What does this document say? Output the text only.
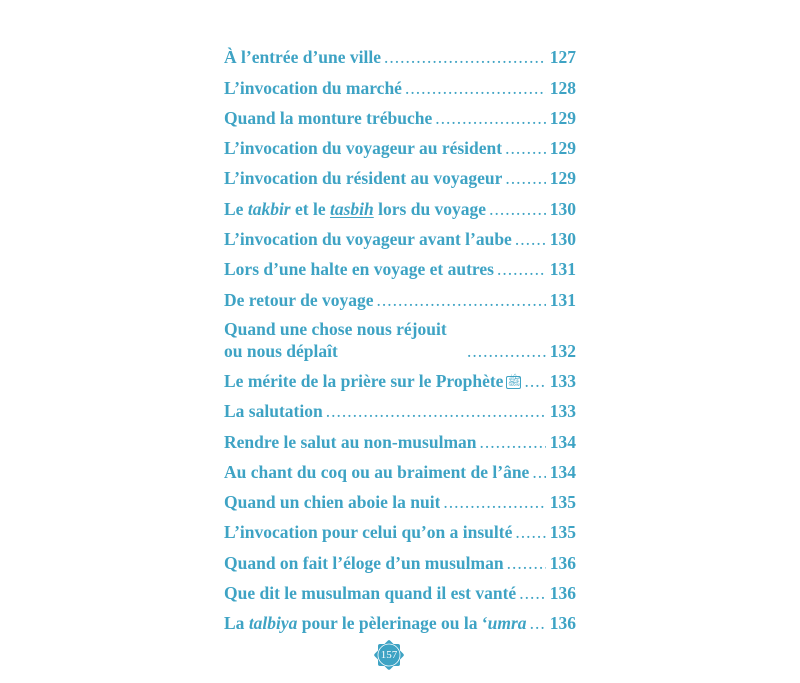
À l’entrée d’une ville .....	127
L’invocation du marché .....	128
Quand la monture trébuche .....	129
L’invocation du voyageur au résident .....	129
L’invocation du résident au voyageur .....	129
Le takbir et le tasbih lors du voyage .....	130
L’invocation du voyageur avant l’aube ..... 130
Lors d’une halte en voyage et autres .....	131
De retour de voyage .....	131
Quand une chose nous réjouit ou nous déplaît .....	132
Le mérite de la prière sur le Prophète ﷺ ..... 133
La salutation .....	133
Rendre le salut au non-musulman .....	134
Au chant du coq ou au braiment de l’âne ..... 134
Quand un chien aboie la nuit .....	135
L’invocation pour celui qu’on a insulté ..... 135
Quand on fait l’éloge d’un musulman .....	136
Que dit le musulman quand il est vanté ..... 136
La talbiya pour le pèlerinage ou la ‘umra ..... 136
157
